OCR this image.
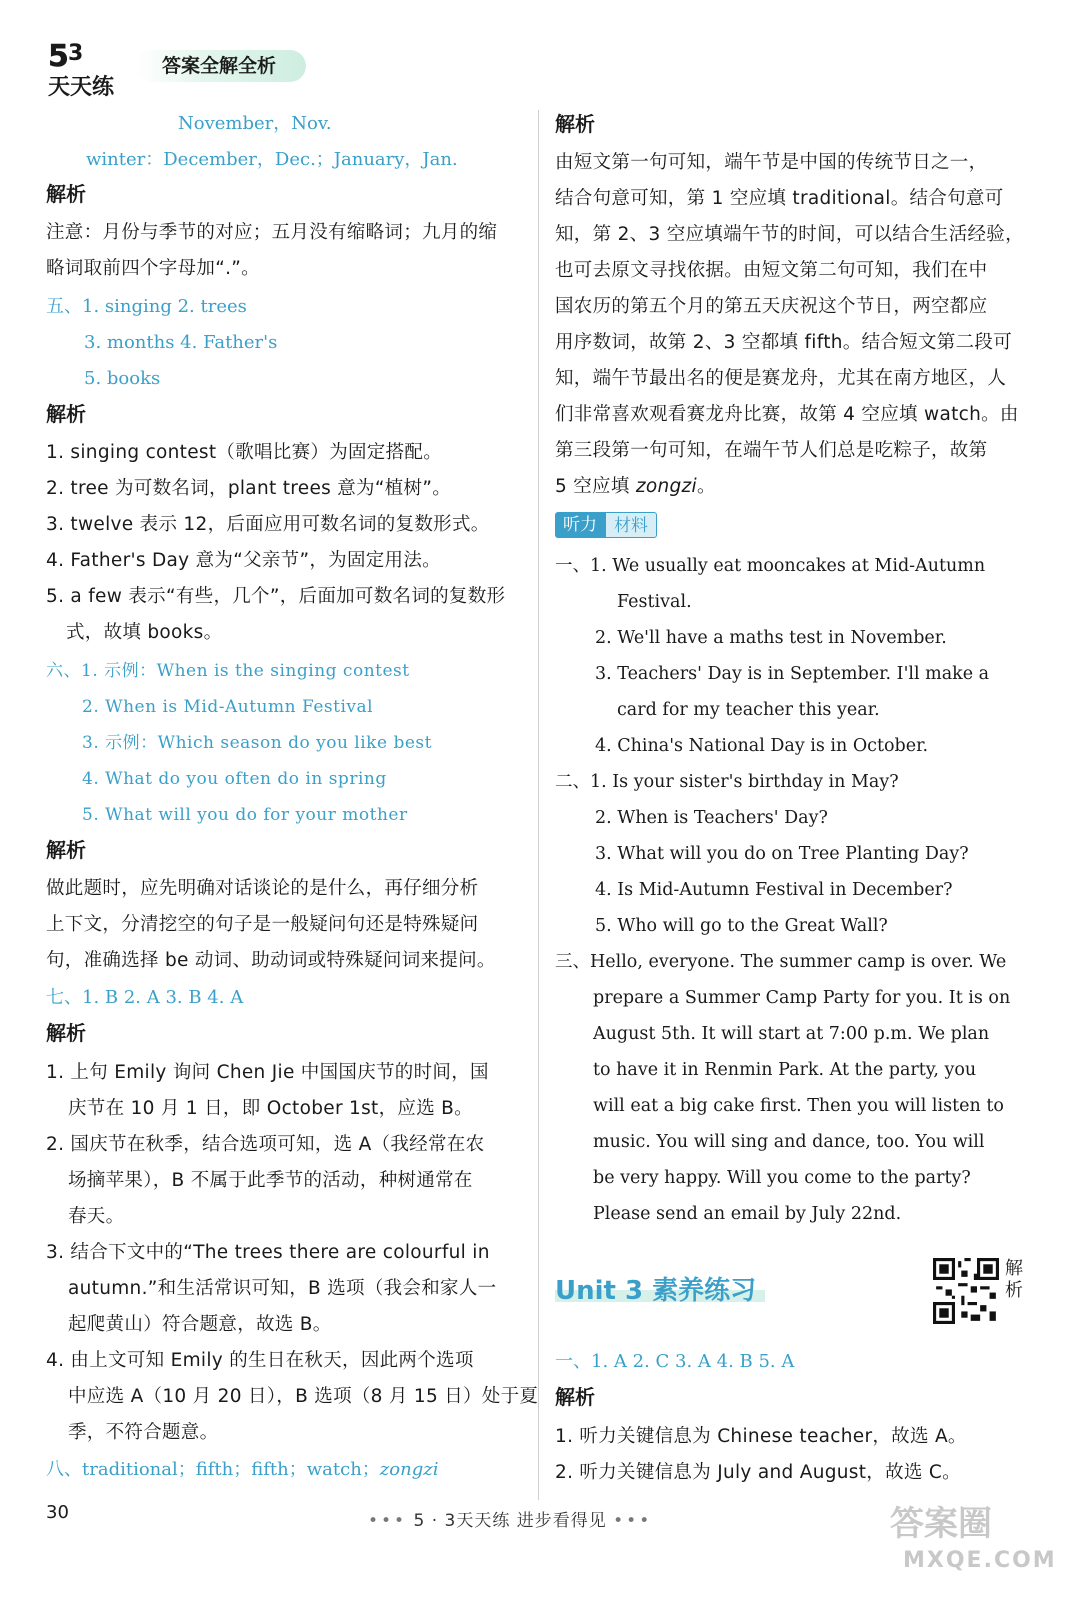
5 3
天天练
答案全解全析
November，Nov.
winter：December，Dec.；January，Jan.
解析
注意：月份与季节的对应；五月没有缩略词；九月的缩
略词取前四个字母加“.”。
五、1. singing 2. trees
3. months 4. Father's
5. books
解析
1. singing contest（歌唱比赛）为固定搭配。
2. tree 为可数名词，plant trees 意为“植树”。
3. twelve 表示 12，后面应用可数名词的复数形式。
4. Father's Day 意为“父亲节”，为固定用法。
5. a few 表示“有些，几个”，后面加可数名词的复数形
式，故填 books。
六、1. 示例：When is the singing contest
2. When is Mid-Autumn Festival
3. 示例：Which season do you like best
4. What do you often do in spring
5. What will you do for your mother
解析
做此题时，应先明确对话谈论的是什么，再仔细分析
上下文，分清挖空的句子是一般疑问句还是特殊疑问
句，准确选择 be 动词、助动词或特殊疑问词来提问。
七、1. B 2. A 3. B 4. A
解析
1. 上句 Emily 询问 Chen Jie 中国国庆节的时间，国
庆节在 10 月 1 日，即 October 1st，应选 B。
2. 国庆节在秋季，结合选项可知，选 A（我经常在农
场摘苹果），B 不属于此季节的活动，种树通常在
春天。
3. 结合下文中的“The trees there are colourful in
autumn.”和生活常识可知，B 选项（我会和家人一
起爬黄山）符合题意，故选 B。
4. 由上文可知 Emily 的生日在秋天，因此两个选项
中应选 A（10 月 20 日），B 选项（8 月 15 日）处于夏
季，不符合题意。
八、traditional；fifth；fifth；watch；zongzi
解析
由短文第一句可知，端午节是中国的传统节日之一，
结合句意可知，第 1 空应填 traditional。结合句意可
知，第 2、3 空应填端午节的时间，可以结合生活经验，
也可去原文寻找依据。由短文第二句可知，我们在中
国农历的第五个月的第五天庆祝这个节日，两空都应
用序数词，故第 2、3 空都填 fifth。结合短文第二段可
知，端午节最出名的便是赛龙舟，尤其在南方地区，人
们非常喜欢观看赛龙舟比赛，故第 4 空应填 watch。由
第三段第一句可知，在端午节人们总是吃粽子，故第
5 空应填 zongzi。
听力	材料
一、1. We usually eat mooncakes at Mid-Autumn
Festival.
2. We'll have a maths test in November.
3. Teachers' Day is in September. I'll make a
card for my teacher this year.
4. China's National Day is in October.
二、1. Is your sister's birthday in May?
2. When is Teachers' Day?
3. What will you do on Tree Planting Day?
4. Is Mid-Autumn Festival in December?
5. Who will go to the Great Wall?
三、Hello, everyone. The summer camp is over. We
prepare a Summer Camp Party for you. It is on
August 5th. It will start at 7:00 p.m. We plan
to have it in Renmin Park. At the party, you
will eat a big cake first. Then you will listen to
music. You will sing and dance, too. You will
be very happy. Will you come to the party?
Please send an email by July 22nd.
Unit 3 素养练习
解析
一、1. A 2. C 3. A 4. B 5. A
解析
1. 听力关键信息为 Chinese teacher，故选 A。
2. 听力关键信息为 July and August，故选 C。
30	••• 5 · 3天天练 进步看得见 •••	答案圈
MXQE.COM
